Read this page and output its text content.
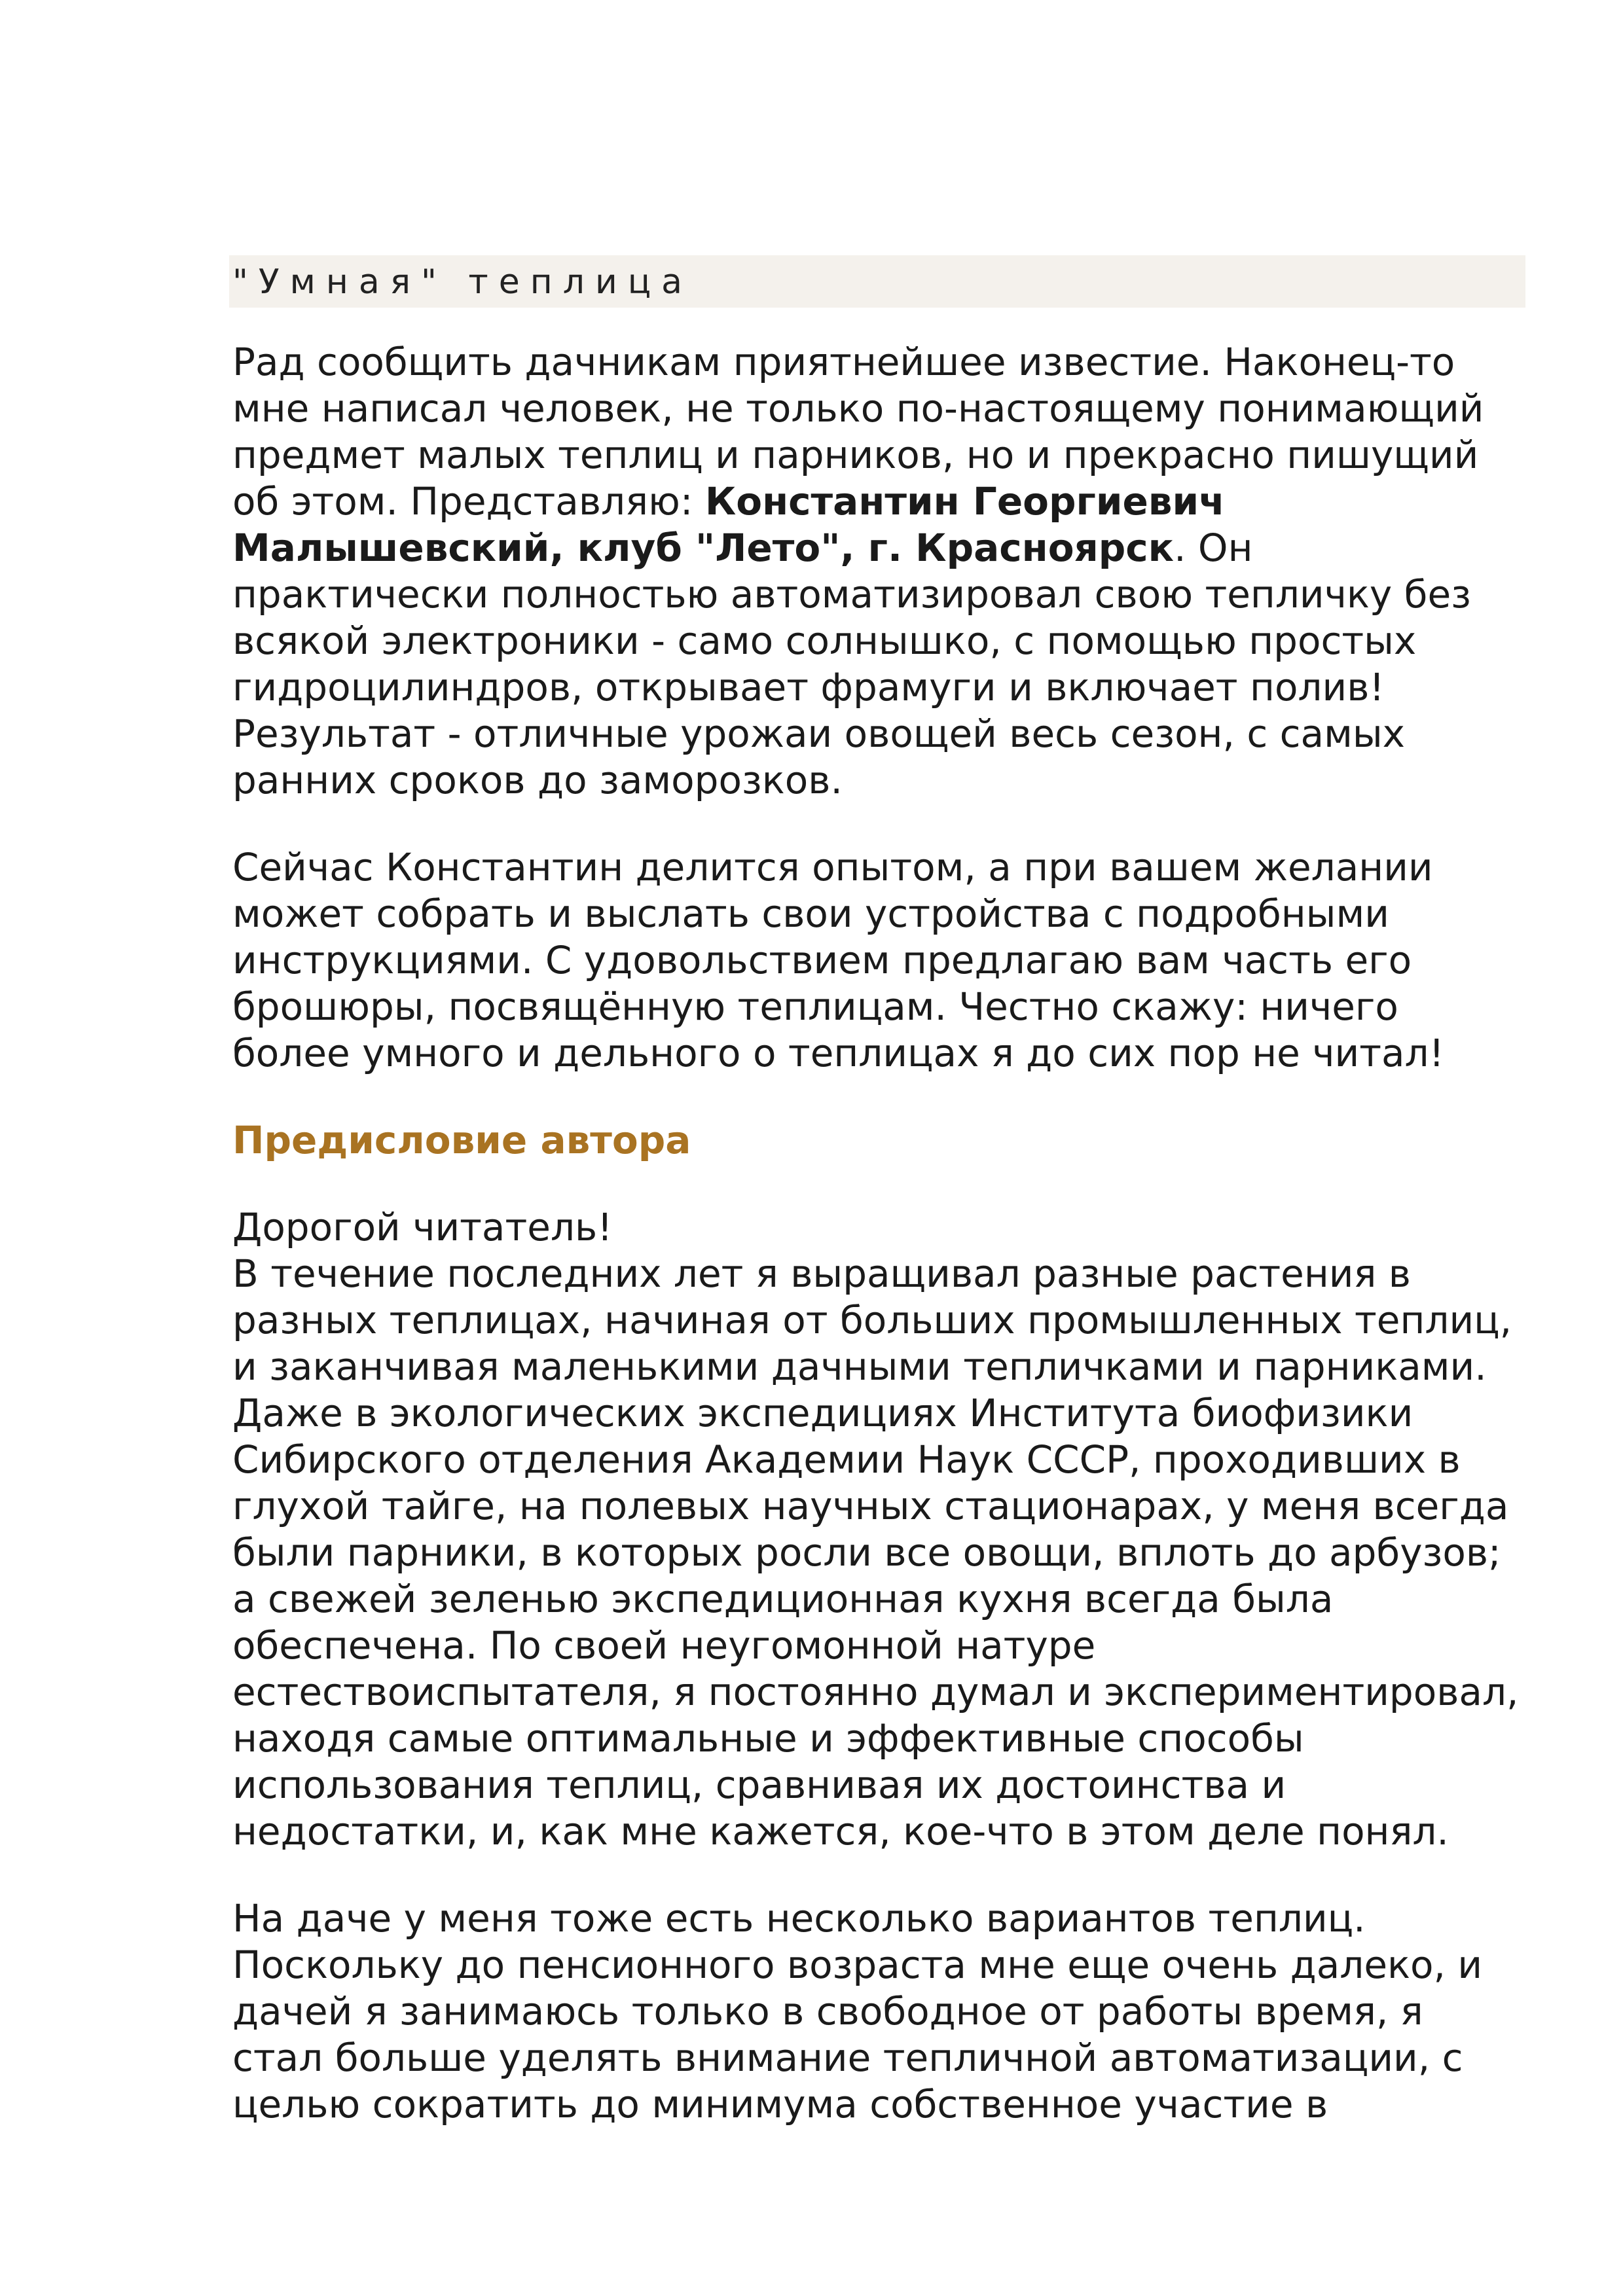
"Умная" теплица

Рад сообщить дачникам приятнейшее известие. Наконец-то
мне написал человек, не только по-настоящему понимающий
предмет малых теплиц и парников, но и прекрасно пишущий
об этом. Представляю: Константин Георгиевич
Малышевский, клуб "Лето", г. Красноярск. Он
практически полностью автоматизировал свою тепличку без
всякой электроники - само солнышко, с помощью простых
гидроцилиндров, открывает фрамуги и включает полив!
Результат - отличные урожаи овощей весь сезон, с самых
ранних сроков до заморозков.

Сейчас Константин делится опытом, а при вашем желании
может собрать и выслать свои устройства с подробными
инструкциями. С удовольствием предлагаю вам часть его
брошюры, посвящённую теплицам. Честно скажу: ничего
более умного и дельного о теплицах я до сих пор не читал!

Предисловие автора

Дорогой читатель!
В течение последних лет я выращивал разные растения в
разных теплицах, начиная от больших промышленных теплиц,
и заканчивая маленькими дачными тепличками и парниками.
Даже в экологических экспедициях Института биофизики
Сибирского отделения Академии Наук СССР, проходивших в
глухой тайге, на полевых научных стационарах, у меня всегда
были парники, в которых росли все овощи, вплоть до арбузов;
а свежей зеленью экспедиционная кухня всегда была
обеспечена. По своей неугомонной натуре
естествоиспытателя, я постоянно думал и экспериментировал,
находя самые оптимальные и эффективные способы
использования теплиц, сравнивая их достоинства и
недостатки, и, как мне кажется, кое-что в этом деле понял.

На даче у меня тоже есть несколько вариантов теплиц.
Поскольку до пенсионного возраста мне еще очень далеко, и
дачей я занимаюсь только в свободное от работы время, я
стал больше уделять внимание тепличной автоматизации, с
целью сократить до минимума собственное участие в
